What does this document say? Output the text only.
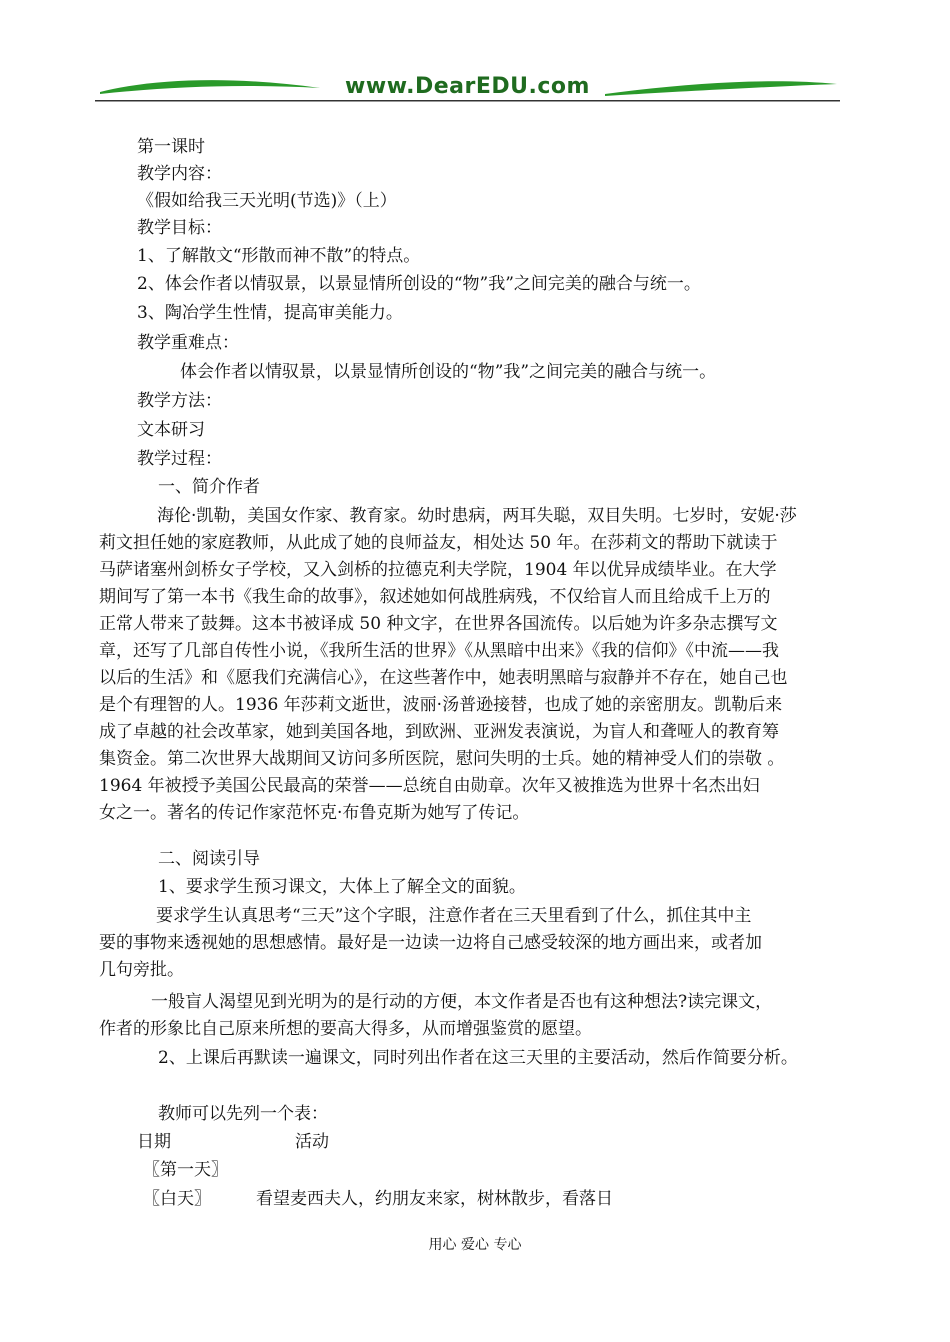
www.DearEDU.com
第一课时
教学内容：
《假如给我三天光明(节选)》（上）
教学目标：
1、了解散文“形散而神不散”的特点。
2、体会作者以情驭景，以景显情所创设的“物”我”之间完美的融合与统一。
3、陶冶学生性情，提高审美能力。
教学重难点：
体会作者以情驭景，以景显情所创设的“物”我”之间完美的融合与统一。
教学方法：
文本研习
教学过程：
一、简介作者
海伦·凯勒，美国女作家、教育家。幼时患病，两耳失聪，双目失明。七岁时，安妮·莎
莉文担任她的家庭教师，从此成了她的良师益友，相处达 50 年。在莎莉文的帮助下就读于
马萨诸塞州剑桥女子学校，又入剑桥的拉德克利夫学院，1904 年以优异成绩毕业。在大学
期间写了第一本书《我生命的故事》，叙述她如何战胜病残，不仅给盲人而且给成千上万的
正常人带来了鼓舞。这本书被译成 50 种文字，在世界各国流传。以后她为许多杂志撰写文
章，还写了几部自传性小说，《我所生活的世界》《从黑暗中出来》《我的信仰》《中流——我
以后的生活》和《愿我们充满信心》，在这些著作中，她表明黑暗与寂静并不存在，她自己也
是个有理智的人。1936 年莎莉文逝世，波丽·汤普逊接替，也成了她的亲密朋友。凯勒后来
成了卓越的社会改革家，她到美国各地，到欧洲、亚洲发表演说，为盲人和聋哑人的教育筹
集资金。第二次世界大战期间又访问多所医院，慰问失明的士兵。她的精神受人们的崇敬 。
1964 年被授予美国公民最高的荣誉——总统自由勋章。次年又被推选为世界十名杰出妇
女之一。著名的传记作家范怀克·布鲁克斯为她写了传记。
二、阅读引导
1、要求学生预习课文，大体上了解全文的面貌。
要求学生认真思考“三天”这个字眼，注意作者在三天里看到了什么，抓住其中主
要的事物来透视她的思想感情。最好是一边读一边将自己感受较深的地方画出来，或者加
几句旁批。
一般盲人渴望见到光明为的是行动的方便，本文作者是否也有这种想法?读完课文，
作者的形象比自己原来所想的要高大得多，从而增强鉴赏的愿望。
2、上课后再默读一遍课文，同时列出作者在这三天里的主要活动，然后作简要分析。
教师可以先列一个表：
日期	活动
〖第一天〗
〖白天〗	看望麦西夫人，约朋友来家，树林散步，看落日
用心 爱心 专心
